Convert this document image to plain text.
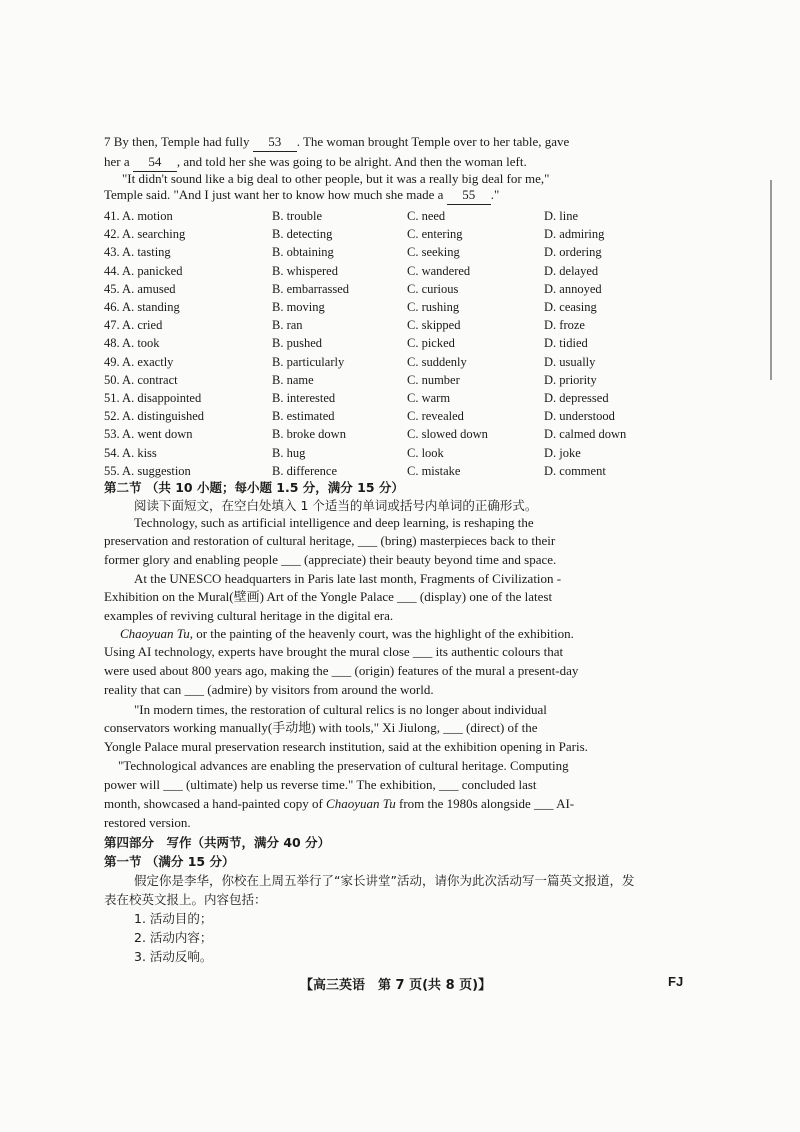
7 By then, Temple had fully 53 . The woman brought Temple over to her table, gave
her a 54 , and told her she was going to be alright. And then the woman left.
"It didn't sound like a big deal to other people, but it was a really big deal for me,"
Temple said. "And I just want her to know how much she made a 55 ."
41. A. motion	B. trouble	C. need	D. line
42. A. searching	B. detecting	C. entering	D. admiring
43. A. tasting	B. obtaining	C. seeking	D. ordering
44. A. panicked	B. whispered	C. wandered	D. delayed
45. A. amused	B. embarrassed	C. curious	D. annoyed
46. A. standing	B. moving	C. rushing	D. ceasing
47. A. cried	B. ran	C. skipped	D. froze
48. A. took	B. pushed	C. picked	D. tidied
49. A. exactly	B. particularly	C. suddenly	D. usually
50. A. contract	B. name	C. number	D. priority
51. A. disappointed	B. interested	C. warm	D. depressed
52. A. distinguished	B. estimated	C. revealed	D. understood
53. A. went down	B. broke down	C. slowed down	D. calmed down
54. A. kiss	B. hug	C. look	D. joke
55. A. suggestion	B. difference	C. mistake	D. comment
第二节 （共 10 小题；每小题 1.5 分，满分 15 分）
阅读下面短文，在空白处填入 1 个适当的单词或括号内单词的正确形式。
Technology, such as artificial intelligence and deep learning, is reshaping the
preservation and restoration of cultural heritage, ___ (bring) masterpieces back to their
former glory and enabling people ___ (appreciate) their beauty beyond time and space.
At the UNESCO headquarters in Paris late last month, Fragments of Civilization -
Exhibition on the Mural(壁画) Art of the Yongle Palace ___ (display) one of the latest
examples of reviving cultural heritage in the digital era.
Chaoyuan Tu, or the painting of the heavenly court, was the highlight of the exhibition.
Using AI technology, experts have brought the mural close ___ its authentic colours that
were used about 800 years ago, making the ___ (origin) features of the mural a present-day
reality that can ___ (admire) by visitors from around the world.
"In modern times, the restoration of cultural relics is no longer about individual
conservators working manually(手动地) with tools," Xi Jiulong, ___ (direct) of the
Yongle Palace mural preservation research institution, said at the exhibition opening in Paris.
"Technological advances are enabling the preservation of cultural heritage. Computing
power will ___ (ultimate) help us reverse time." The exhibition, ___ concluded last
month, showcased a hand-painted copy of Chaoyuan Tu from the 1980s alongside ___ AI-
restored version.
第四部分　写作（共两节，满分 40 分）
第一节 （满分 15 分）
假定你是李华，你校在上周五举行了“家长讲堂”活动，请你为此次活动写一篇英文报道，发
表在校英文报上。内容包括：
1. 活动目的；
2. 活动内容；
3. 活动反响。
【高三英语　第 7 页(共 8 页)】	FJ
